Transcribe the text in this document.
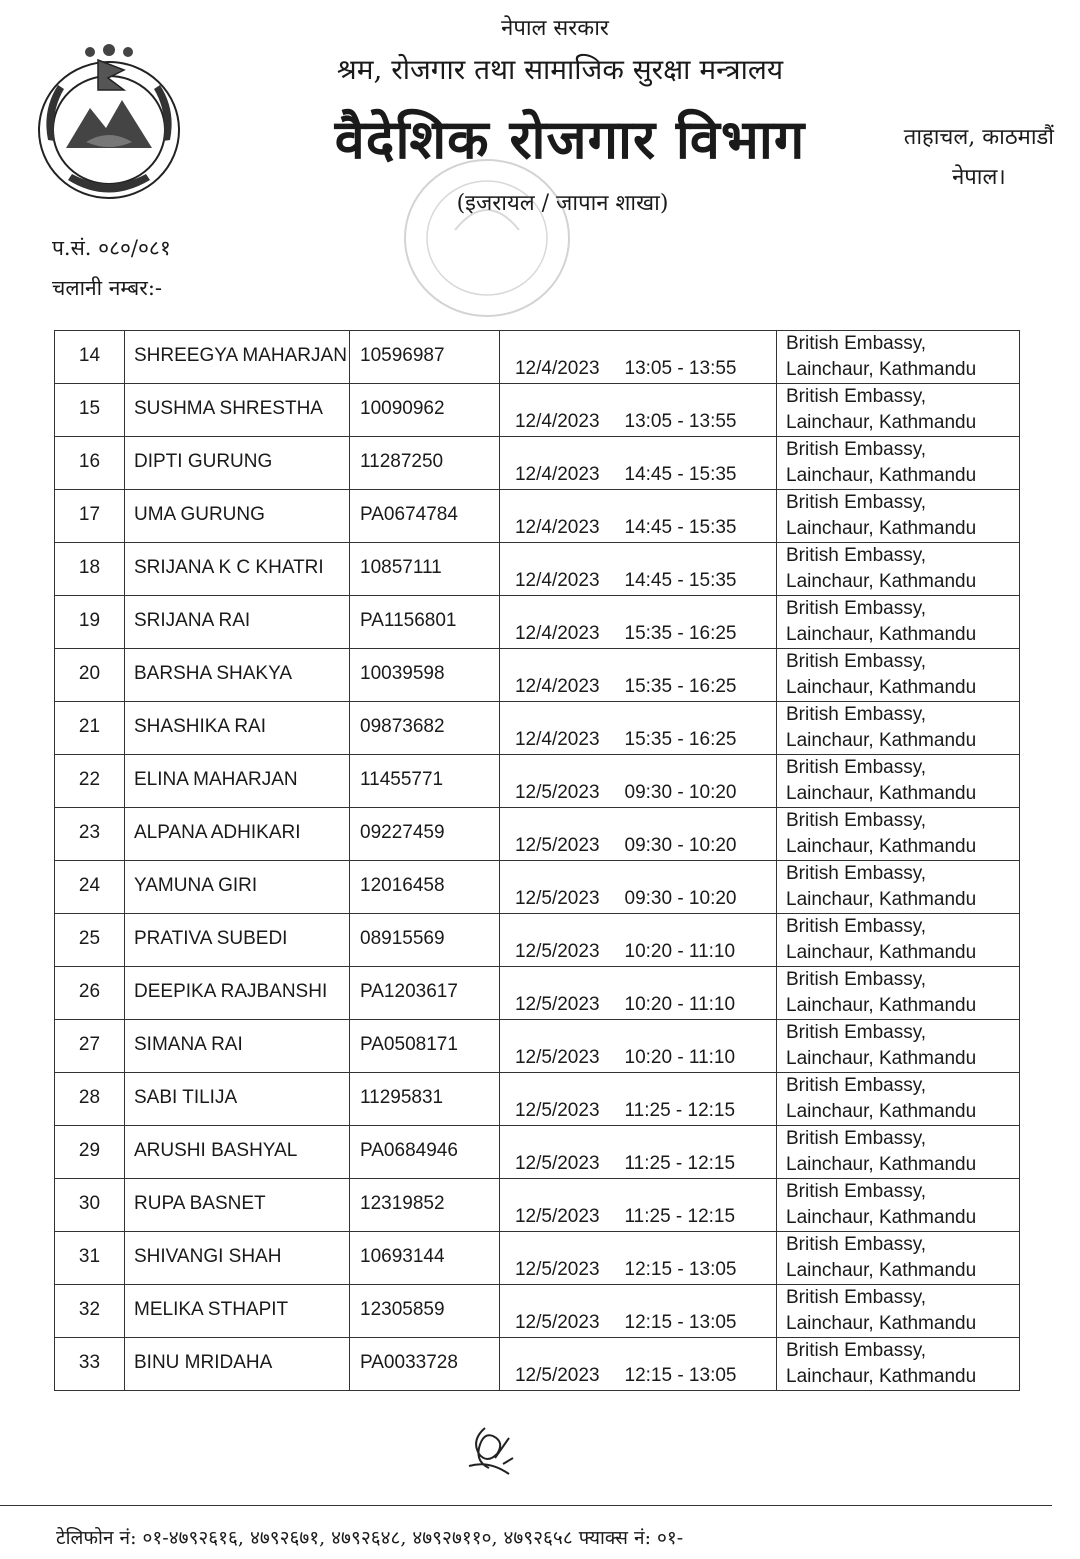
नेपाल सरकार
श्रम, रोजगार तथा सामाजिक सुरक्षा मन्त्रालय
वैदेशिक रोजगार विभाग
(इजरायल / जापान शाखा)
ताहाचल, काठमाडौं
नेपाल।
प.सं. ०८०/०८१
चलानी नम्बर:-
14	SHREEGYA MAHARJAN	10596987	12/4/2023	13:05 - 13:55	British Embassy,
Lainchaur, Kathmandu

15	SUSHMA SHRESTHA	10090962	12/4/2023	13:05 - 13:55	British Embassy,
Lainchaur, Kathmandu

16	DIPTI GURUNG	11287250	12/4/2023	14:45 - 15:35	British Embassy,
Lainchaur, Kathmandu

17	UMA GURUNG	PA0674784	12/4/2023	14:45 - 15:35	British Embassy,
Lainchaur, Kathmandu

18	SRIJANA K C KHATRI	10857111	12/4/2023	14:45 - 15:35	British Embassy,
Lainchaur, Kathmandu

19	SRIJANA RAI	PA1156801	12/4/2023	15:35 - 16:25	British Embassy,
Lainchaur, Kathmandu

20	BARSHA SHAKYA	10039598	12/4/2023	15:35 - 16:25	British Embassy,
Lainchaur, Kathmandu

21	SHASHIKA RAI	09873682	12/4/2023	15:35 - 16:25	British Embassy,
Lainchaur, Kathmandu

22	ELINA MAHARJAN	11455771	12/5/2023	09:30 - 10:20	British Embassy,
Lainchaur, Kathmandu

23	ALPANA ADHIKARI	09227459	12/5/2023	09:30 - 10:20	British Embassy,
Lainchaur, Kathmandu

24	YAMUNA GIRI	12016458	12/5/2023	09:30 - 10:20	British Embassy,
Lainchaur, Kathmandu

25	PRATIVA SUBEDI	08915569	12/5/2023	10:20 - 11:10	British Embassy,
Lainchaur, Kathmandu

26	DEEPIKA RAJBANSHI	PA1203617	12/5/2023	10:20 - 11:10	British Embassy,
Lainchaur, Kathmandu

27	SIMANA RAI	PA0508171	12/5/2023	10:20 - 11:10	British Embassy,
Lainchaur, Kathmandu

28	SABI TILIJA	11295831	12/5/2023	11:25 - 12:15	British Embassy,
Lainchaur, Kathmandu

29	ARUSHI BASHYAL	PA0684946	12/5/2023	11:25 - 12:15	British Embassy,
Lainchaur, Kathmandu

30	RUPA BASNET	12319852	12/5/2023	11:25 - 12:15	British Embassy,
Lainchaur, Kathmandu

31	SHIVANGI SHAH	10693144	12/5/2023	12:15 - 13:05	British Embassy,
Lainchaur, Kathmandu

32	MELIKA STHAPIT	12305859	12/5/2023	12:15 - 13:05	British Embassy,
Lainchaur, Kathmandu

33	BINU MRIDAHA	PA0033728	12/5/2023	12:15 - 13:05	British Embassy,
Lainchaur, Kathmandu
टेलिफोन नं: ०१-४७९२६१६, ४७९२६७१, ४७९२६४८, ४७९२७११०, ४७९२६५८ फ्याक्स नं: ०१-
